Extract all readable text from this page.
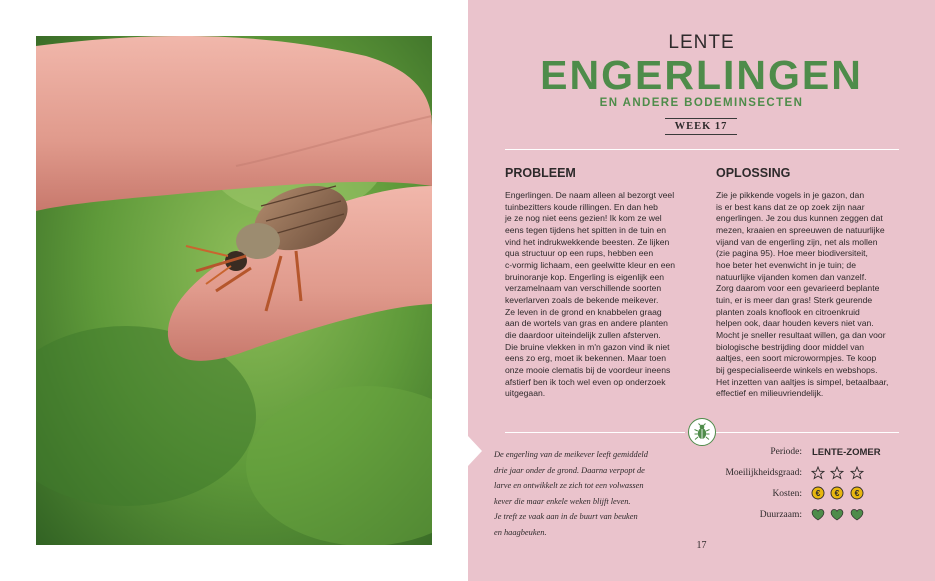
LENTE
ENGERLINGEN
EN ANDERE BODEMINSECTEN
WEEK 17
PROBLEEM	OPLOSSING

Engerlingen. De naam alleen al bezorgt veel

tuinbezitters koude rillingen. En dan heb

je ze nog niet eens gezien! Ik kom ze wel

eens tegen tijdens het spitten in de tuin en

vind het indrukwekkende beesten. Ze lijken

qua structuur op een rups, hebben een

c-vormig lichaam, een geelwitte kleur en een

bruinoranje kop. Engerling is eigenlijk een

verzamelnaam van verschillende soorten

keverlarven zoals de bekende meikever.

Ze leven in de grond en knabbelen graag

aan de wortels van gras en andere planten

die daardoor uiteindelijk zullen afsterven.

Die bruine vlekken in m'n gazon vind ik niet

eens zo erg, moet ik bekennen. Maar toen

onze mooie clematis bij de voordeur ineens

afstierf ben ik toch wel even op onderzoek

uitgegaan.

Zie je pikkende vogels in je gazon, dan

is er best kans dat ze op zoek zijn naar

engerlingen. Je zou dus kunnen zeggen dat

mezen, kraaien en spreeuwen de natuurlijke

vijand van de engerling zijn, net als mollen

(zie pagina 95). Hoe meer biodiversiteit,

hoe beter het evenwicht in je tuin; de

natuurlijke vijanden komen dan vanzelf.

Zorg daarom voor een gevarieerd beplante

tuin, er is meer dan gras! Sterk geurende

planten zoals knoflook en citroenkruid

helpen ook, daar houden kevers niet van.

Mocht je sneller resultaat willen, ga dan voor

biologische bestrijding door middel van

aaltjes, een soort microwormpjes. Te koop

bij gespecialiseerde winkels en webshops.

Het inzetten van aaltjes is simpel, betaalbaar,

effectief en milieuvriendelijk.

De engerling van de meikever leeft gemiddeld

drie jaar onder de grond. Daarna verpopt de

larve en ontwikkelt ze zich tot een volwassen

kever die maar enkele weken blijft leven.

Je treft ze vaak aan in de buurt van beuken

en haagbeuken.

Periode: LENTE-ZOMER
Moeilijkheidsgraad:

Kosten: €
€
€
Duurzaam:

17
